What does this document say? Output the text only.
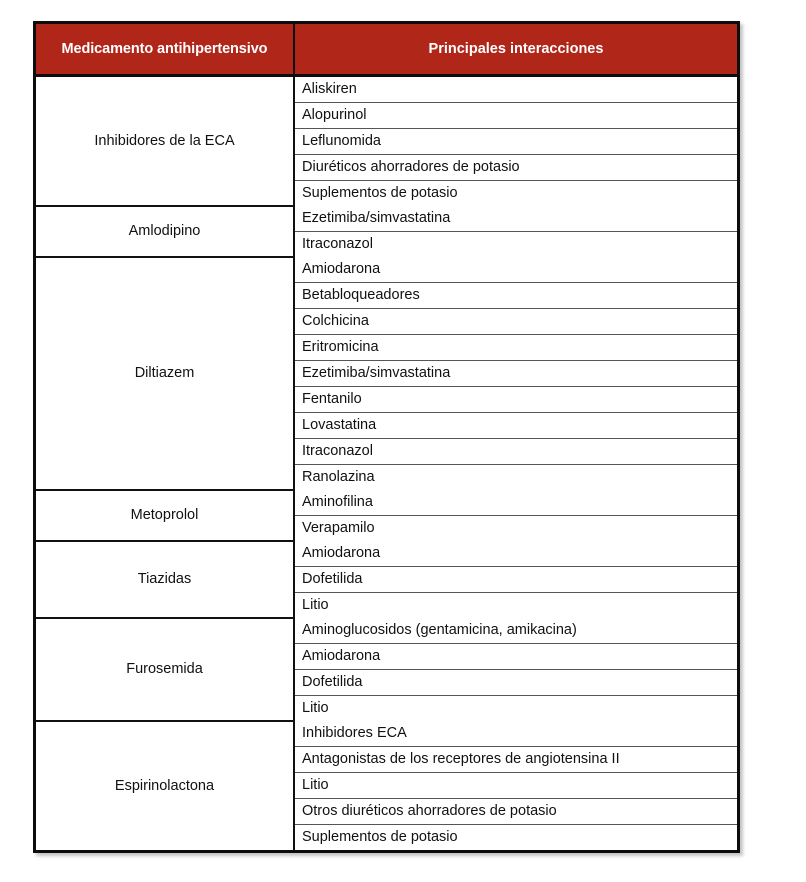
Medicamento antihipertensivo	Principales interacciones
Inhibidores de la ECA	Aliskiren
	Alopurinol
	Leflunomida
	Diuréticos ahorradores de potasio
	Suplementos de potasio
Amlodipino	Ezetimiba/simvastatina
	Itraconazol
Diltiazem	Amiodarona
	Betabloqueadores
	Colchicina
	Eritromicina
	Ezetimiba/simvastatina
	Fentanilo
	Lovastatina
	Itraconazol
	Ranolazina
Metoprolol	Aminofilina
	Verapamilo
Tiazidas	Amiodarona
	Dofetilida
	Litio
Furosemida	Aminoglucosidos (gentamicina, amikacina)
	Amiodarona
	Dofetilida
	Litio
Espirinolactona	Inhibidores ECA
	Antagonistas de los receptores de angiotensina II
	Litio
	Otros diuréticos ahorradores de potasio
	Suplementos de potasio
